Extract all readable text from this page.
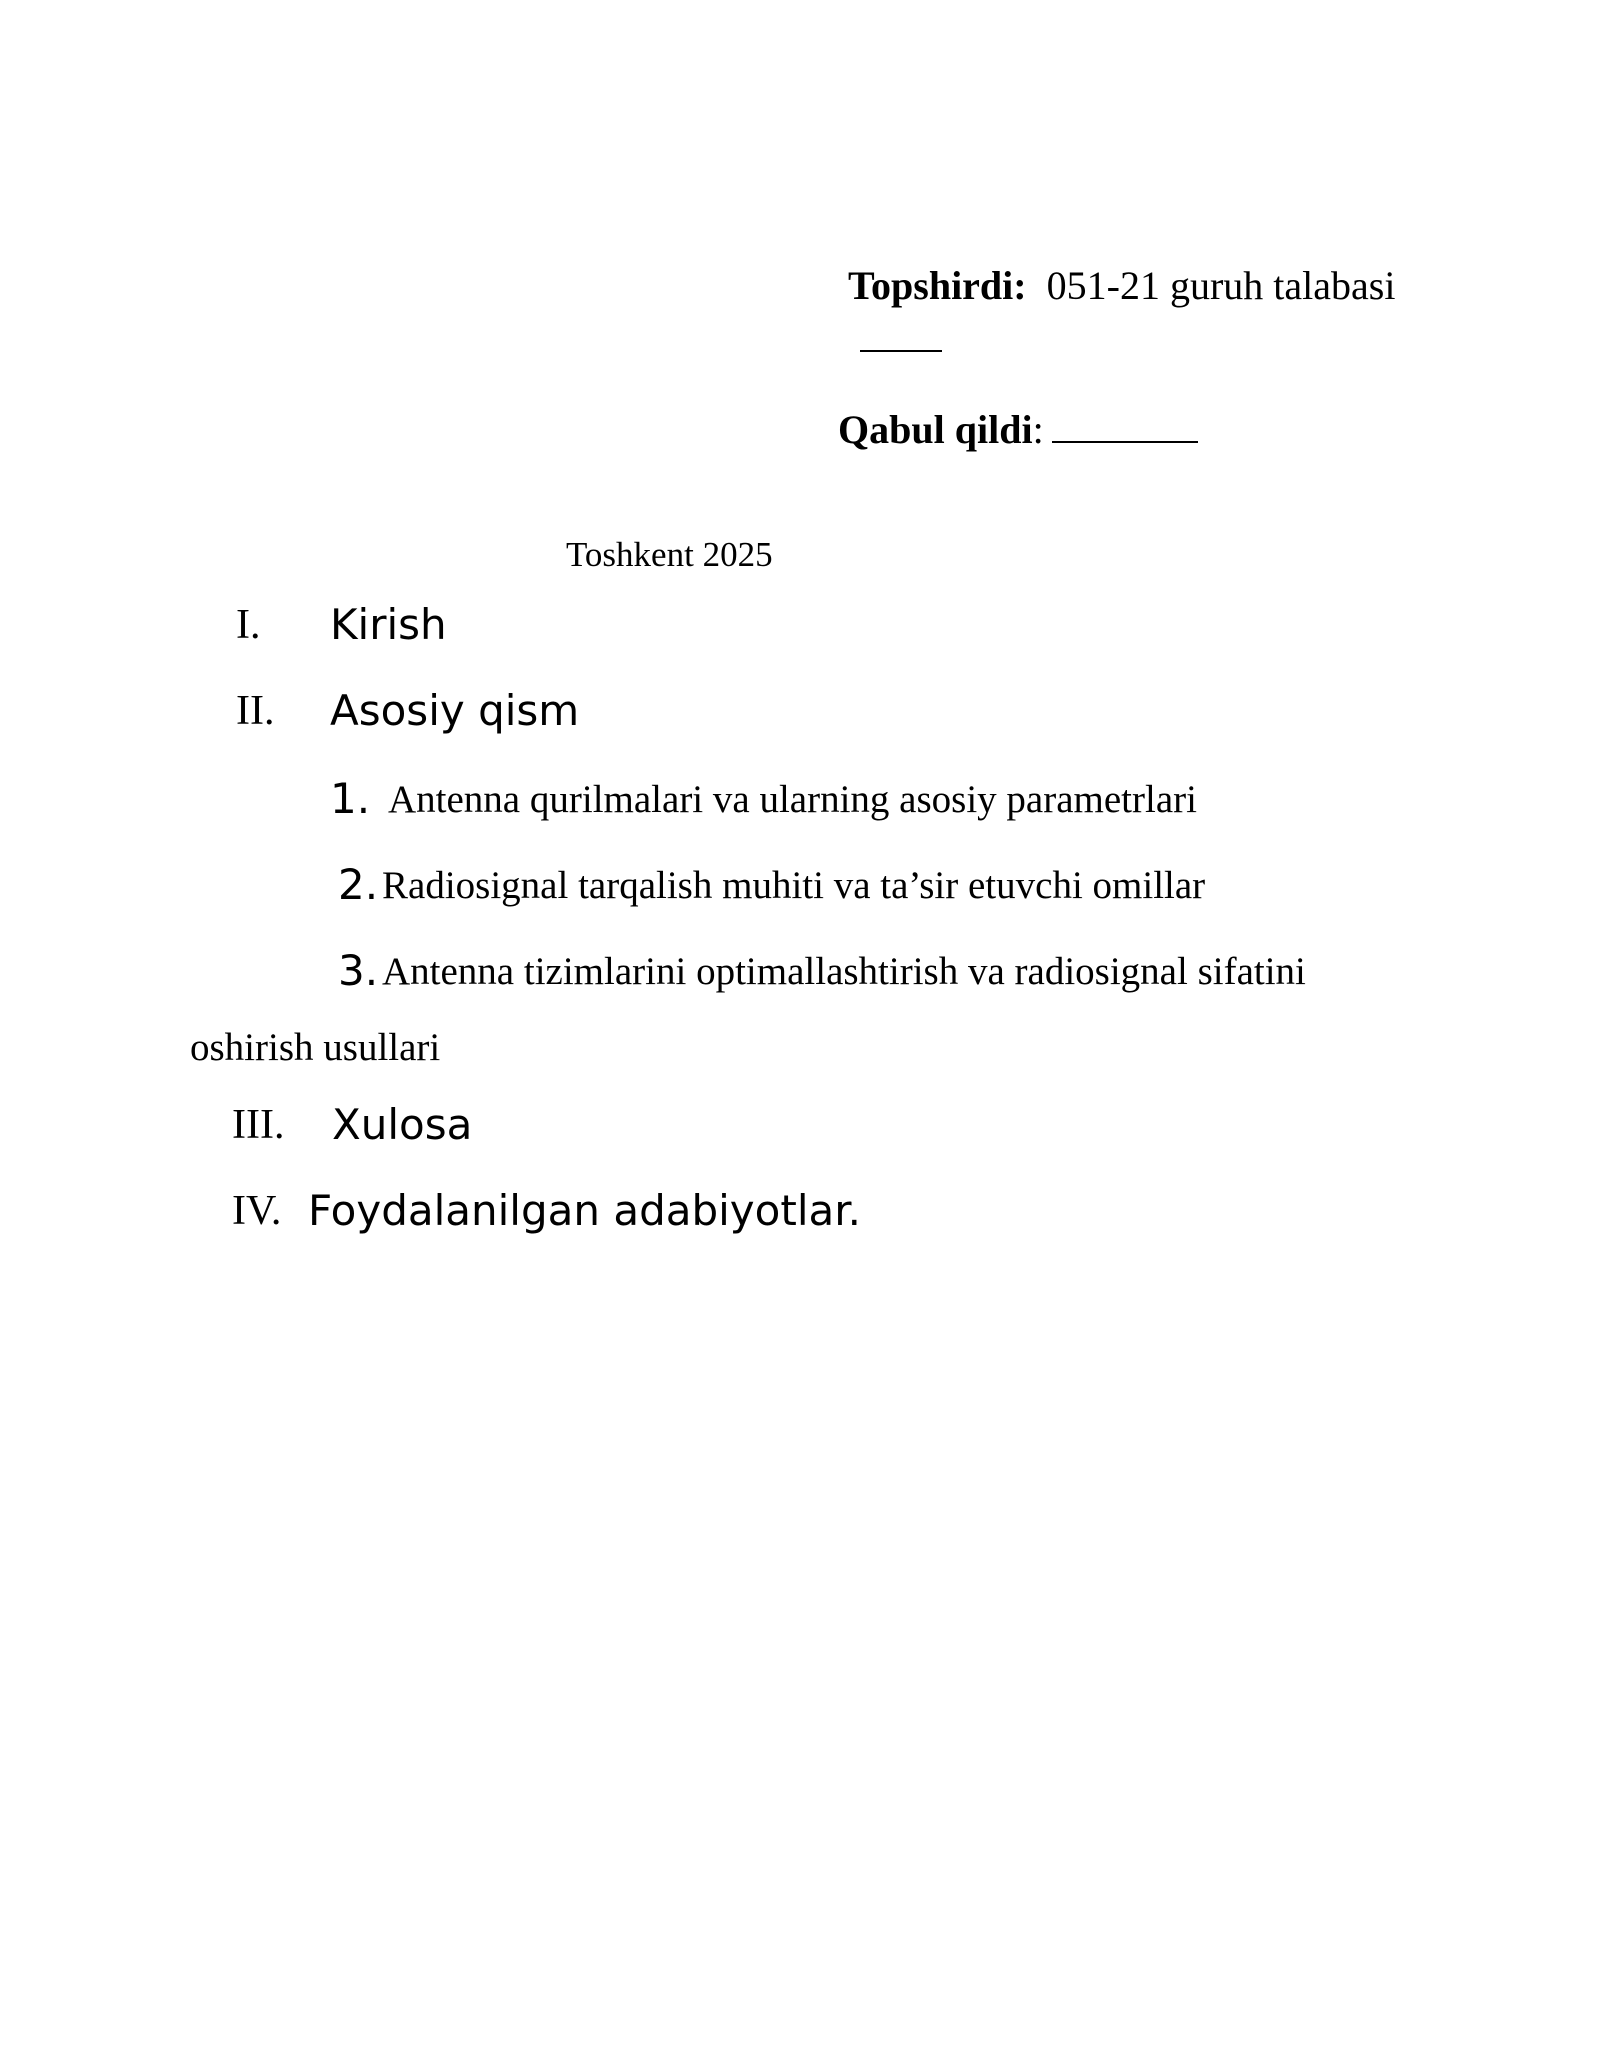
Topshirdi: 051-21 guruh talabasi
Qabul qildi:
Toshkent 2025
I. Kirish
II. Asosiy qism
1. Antenna qurilmalari va ularning asosiy parametrlari
2. Radiosignal tarqalish muhiti va ta’sir etuvchi omillar
3. Antenna tizimlarini optimallashtirish va radiosignal sifatini
oshirish usullari
III. Xulosa
IV. Foydalanilgan adabiyotlar.
